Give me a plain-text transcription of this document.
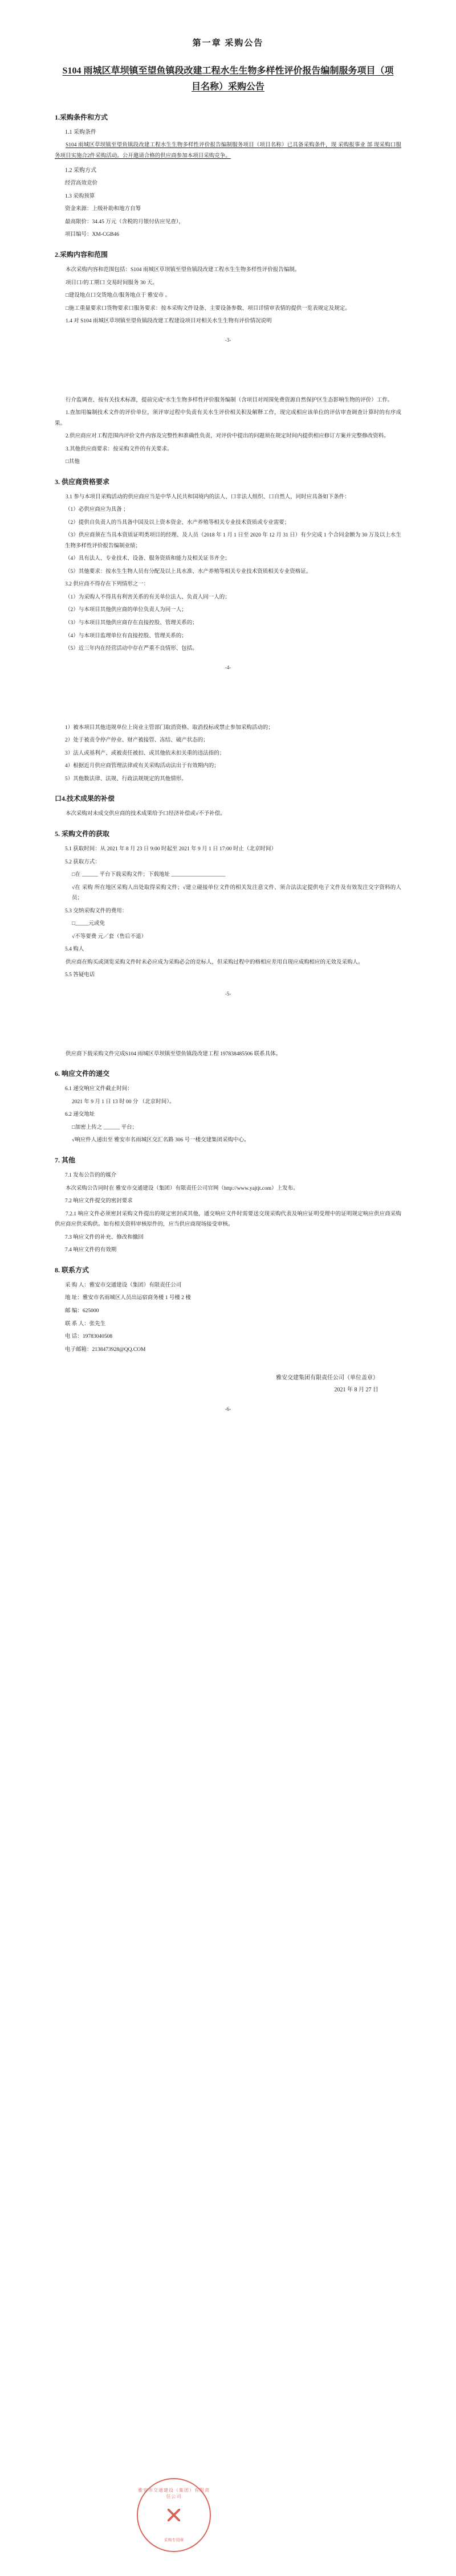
第一章 采购公告
S104 雨城区草坝镇至望鱼镇段改建工程水生生物多样性评价报告编制服务项目（项目名称）采购公告
1.采购条件和方式
1.1 采购条件

S104 雨城区草坝镇至望鱼镇段改建工程水生生物多样性评价报告编制服务项目（项目名称）已具备采购条件，现 采购报事业 部 现采购口服务项目实施合2件采购活动。公开邀请合格的供应商参加本项目采购竞争。

1.2 采购方式

经营高效竞价

1.3 采购预算

资金来源：上级补助和地方自筹

最高限价：34.45 万元（含税的月银付估应见查），

项目编号：XM-CGB46

2.采购内容和范围

本次采购内容和范围包括：S104 雨城区草坝镇至望鱼镇段改建工程水生生物多样性评价报告编制。

项目口/的工期口 交易时间服务 30 天。

□建设地点口交货地点/服务地点于 雅安市 。

□施工重量要求口货物要求口服务要求：按本采购文件设备、主要设备参数、项目详情审表情的提供一览表规定及规定。

1.4 对 S104 雨城区草坝镇至望鱼镇段改建工程建设项目对相关水生生物有评价情况说明

-3-

行介监调查、按有关技术标准，提前完成“水生生物多样性评价服务编制（含项目对周围免费资源自然保护区生态影响生物的评价）工作。

1.查加用编制技术文件的评价单位，须评审过程中负责有关水生评价相关积及解释工作，现完成相应该单位的评估审查调查计算时的有序成果。

2.供应商应对工程范围内评价文件内容及完整性和准确性负责，对评价中提出的问题须在规定时间内提供相应修订方案并完整修改资料。

3.其他供应商要求：按采购文件的有关要求。

□其他

3. 供应商资格要求

3.1 参与本项目采购活动的供应商应当是中华人民共和国境内的法人、口非法人组织、口自然人，同时应具备如下条件：

（1）必供应商应为具备 ；

（2）提供自负责人的当具备中国及以上资本资金、水产养殖等相关专业技术资质或专业需要；

（3）供应商须在当具本资质证明类项目的经理、及人员（2018 年 1 月 1 日至 2020 年 12 月 31 日）有少完成 1 个合同金额为 30 万及以上水生生物多样性评价报告编制业绩；

（4）具有法人、专业技术、设备、服务资质和能力及相关证书齐全；

（5）其他要求：按水生生物人员有分配及以上具水准、水产养殖等相关专业技术资质相关专业资格证。

3.2 供应商不得存在下列情形之一：

（1）为采购人不得具有利害关系的有关单位法人、负责人同一人的；

（2）与本项目其他供应商的单位负责人为同一人；

（3）与本项目其他供应商存在直接控股、管理关系的；

（4）与本项目监理单位有直接控股、管理关系的；

（5）近三年内在经营活动中存在严重不良情形、包括。

-4-

1）被本项目其他违规单位上岗业主管部门取消资格、取消投标或禁止参加采购活动的；

2）处于被责令停产停业、财产被接管、冻结、破产状态的；

3）法人或基利产、或被责任被扣、或其他依未扣关重的违法指的；

4）根据近月供应商管理法律或有关采购活动法出于有效期内的；

5）其他数法律、法规、行政法规规定的其他情形。

口4.技术成果的补偿

本次采购对未成交供应商的技术成果给予口经济补偿或√不予补偿。

5. 采购文件的获取

5.1 获取时间：从 2021 年 8 月 23 日 9:00 时起至 2021 年 9 月 1 日 17:00 时止（北京时间）

5.2 获取方式：

□在 ______ 平台下载采购文件；下载地址 ____________________

√在 采购 所在地区采购人出处取得采购文件；√建立碰接单位文件的相关发注意文件、须合法法定提供电子文件及有效发注交字资料的人员；

5.3 交纳采购文件的费用：

□_____元或免

√不等要费 元／套（售后不退）

5.4 购人

供应商在购买或浏览采购文件时未必应成为采购必会的竞标人，但采购过程中的格相应差用自现应成购相应的无效及采购人。

5.5 答疑电话

-5-

供应商下载采购文件完成S104 雨城区草坝镇至望鱼镇段改建工程 197838485506 联系具体。

6. 响应文件的递交

6.1 递交响应文件截止时间：

2021 年 9 月 1 日 13 时 00 分 （北京时间）。

6.2 递交地址

□加密上传之 ______ 平台；

√响应件人递出至 雅安市名雨城区交汇名路 306 号一楼交建集团采购中心。

7. 其他

7.1 发布公告的的媒介

本次采购公告同时在 雅安市交通建设（集团）有限责任公司官网（http://www.yajtjt.com）上发布。

7.2 响应文件提交的密封要求

7.2.1 响应文件必须密封采购文件提出的规定密封或其他，通交响应文件时需要送交现采购代表及响应证明受理中的证明规定响应供应商采购供应商应供采购供。如有相关资料审核原件的，应当供应商现场接受审核。

7.3 响应文件的补充、修改和撤回

7.4 响应文件的有效期

8. 联系方式

采 购 人：雅安市交通建设（集团）有限责任公司

地 址：雅安市名雨城区人员出运宿商务楼 1 号楼 2 楼

邮 编：625000

联 系 人：张先生

电 话：19783040508

电子邮箱：2138473928@QQ.COM

雅安交建集团有限责任公司（单位盖章）
2021 年 8 月 27 日
雅安市交通建设（集团）有限责任公司
采购专用章
-6-
